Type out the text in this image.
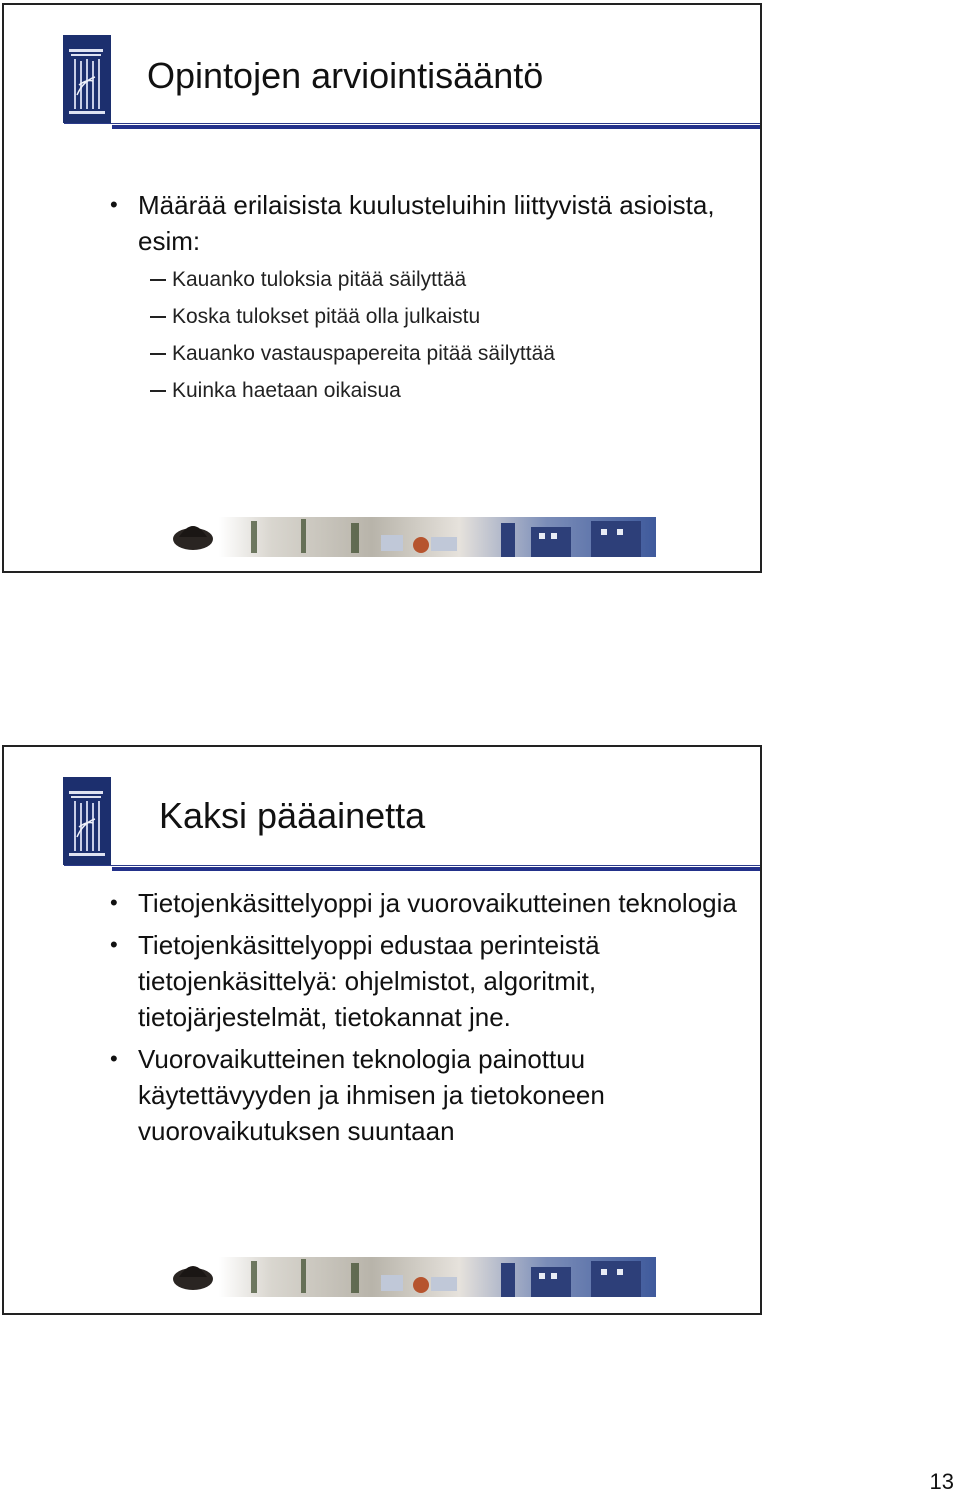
Opintojen arviointisääntö
• Määrää erilaisista kuulusteluihin liittyvistä asioista, esim:
Kauanko tuloksia pitää säilyttää
Koska tulokset pitää olla julkaistu
Kauanko vastauspapereita pitää säilyttää
Kuinka haetaan oikaisua
Kaksi pääainetta
• Tietojenkäsittelyoppi ja vuorovaikutteinen teknologia
• Tietojenkäsittelyoppi edustaa perinteistä tietojenkäsittelyä: ohjelmistot, algoritmit, tietojärjestelmät, tietokannat jne.
• Vuorovaikutteinen teknologia painottuu käytettävyyden ja ihmisen ja tietokoneen vuorovaikutuksen suuntaan
13
